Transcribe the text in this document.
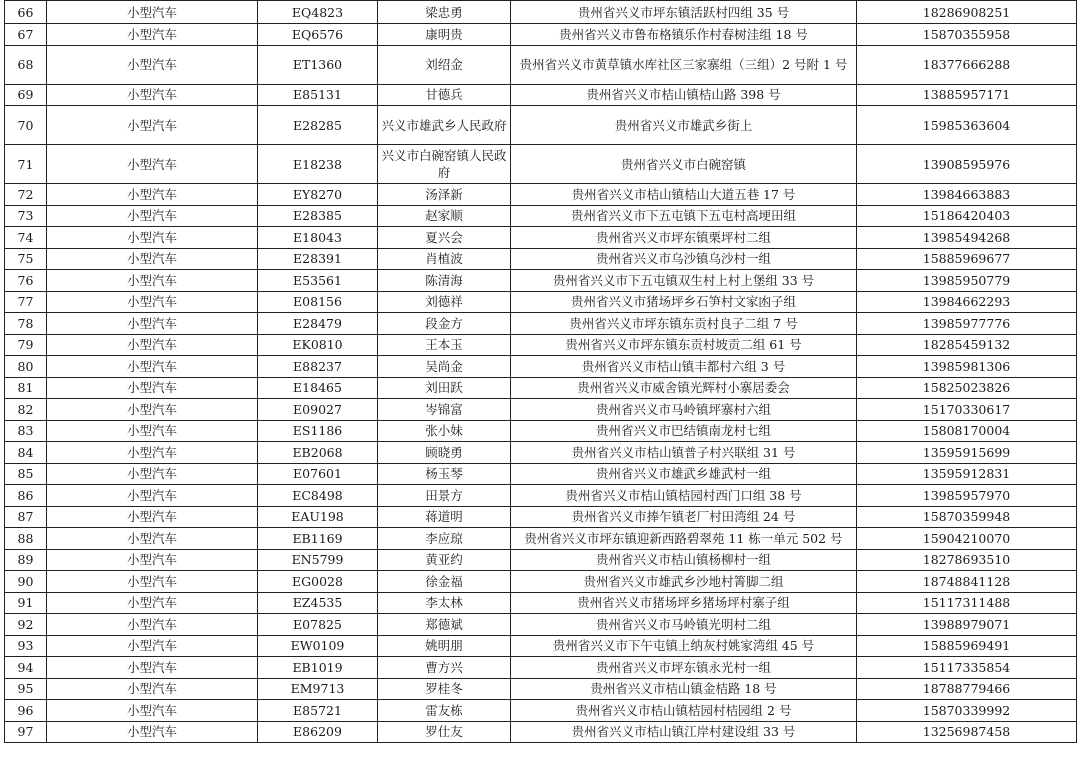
66	小型汽车	EQ4823	梁忠勇	贵州省兴义市坪东镇活跃村四组 35 号	18286908251
67	小型汽车	EQ6576	康明贵	贵州省兴义市鲁布格镇乐作村春树洼组 18 号	15870355958
68	小型汽车	ET1360	刘绍金	贵州省兴义市黄草镇水库社区三家寨组（三组）2 号附 1 号	18377666288
69	小型汽车	E85131	甘德兵	贵州省兴义市桔山镇桔山路 398 号	13885957171
70	小型汽车	E28285	兴义市雄武乡人民政府	贵州省兴义市雄武乡街上	15985363604
71	小型汽车	E18238	兴义市白碗窑镇人民政府	贵州省兴义市白碗窑镇	13908595976
72	小型汽车	EY8270	汤泽新	贵州省兴义市桔山镇桔山大道五巷 17 号	13984663883
73	小型汽车	E28385	赵家顺	贵州省兴义市下五屯镇下五屯村高埂田组	15186420403
74	小型汽车	E18043	夏兴会	贵州省兴义市坪东镇栗坪村二组	13985494268
75	小型汽车	E28391	肖植波	贵州省兴义市乌沙镇乌沙村一组	15885969677
76	小型汽车	E53561	陈清海	贵州省兴义市下五屯镇双生村上村上堡组 33 号	13985950779
77	小型汽车	E08156	刘德祥	贵州省兴义市猪场坪乡石笋村文家凼子组	13984662293
78	小型汽车	E28479	段金方	贵州省兴义市坪东镇东贡村良子二组 7 号	13985977776
79	小型汽车	EK0810	王本玉	贵州省兴义市坪东镇东贡村坡贡二组 61 号	18285459132
80	小型汽车	E88237	吴尚金	贵州省兴义市桔山镇丰都村六组 3 号	13985981306
81	小型汽车	E18465	刘田跃	贵州省兴义市威舍镇光辉村小寨居委会	15825023826
82	小型汽车	E09027	岑锦富	贵州省兴义市马岭镇坪寨村六组	15170330617
83	小型汽车	ES1186	张小妹	贵州省兴义市巴结镇南龙村七组	15808170004
84	小型汽车	EB2068	顾晓勇	贵州省兴义市桔山镇普子村兴联组 31 号	13595915699
85	小型汽车	E07601	杨玉琴	贵州省兴义市雄武乡雄武村一组	13595912831
86	小型汽车	EC8498	田景方	贵州省兴义市桔山镇桔园村西门口组 38 号	13985957970
87	小型汽车	EAU198	蒋道明	贵州省兴义市捧乍镇老厂村田湾组 24 号	15870359948
88	小型汽车	EB1169	李应琼	贵州省兴义市坪东镇迎新西路碧翠苑 11 栋一单元 502 号	15904210070
89	小型汽车	EN5799	黄亚约	贵州省兴义市桔山镇杨柳村一组	18278693510
90	小型汽车	EG0028	徐金福	贵州省兴义市雄武乡沙地村箐脚二组	18748841128
91	小型汽车	EZ4535	李太林	贵州省兴义市猪场坪乡猪场坪村寨子组	15117311488
92	小型汽车	E07825	郑德斌	贵州省兴义市马岭镇光明村二组	13988979071
93	小型汽车	EW0109	姚明朋	贵州省兴义市下午屯镇上纳灰村姚家湾组 45 号	15885969491
94	小型汽车	EB1019	曹方兴	贵州省兴义市坪东镇永光村一组	15117335854
95	小型汽车	EM9713	罗桂冬	贵州省兴义市桔山镇金桔路 18 号	18788779466
96	小型汽车	E85721	雷友栋	贵州省兴义市桔山镇桔园村桔园组 2 号	15870339992
97	小型汽车	E86209	罗仕友	贵州省兴义市桔山镇江岸村建设组 33 号	13256987458
